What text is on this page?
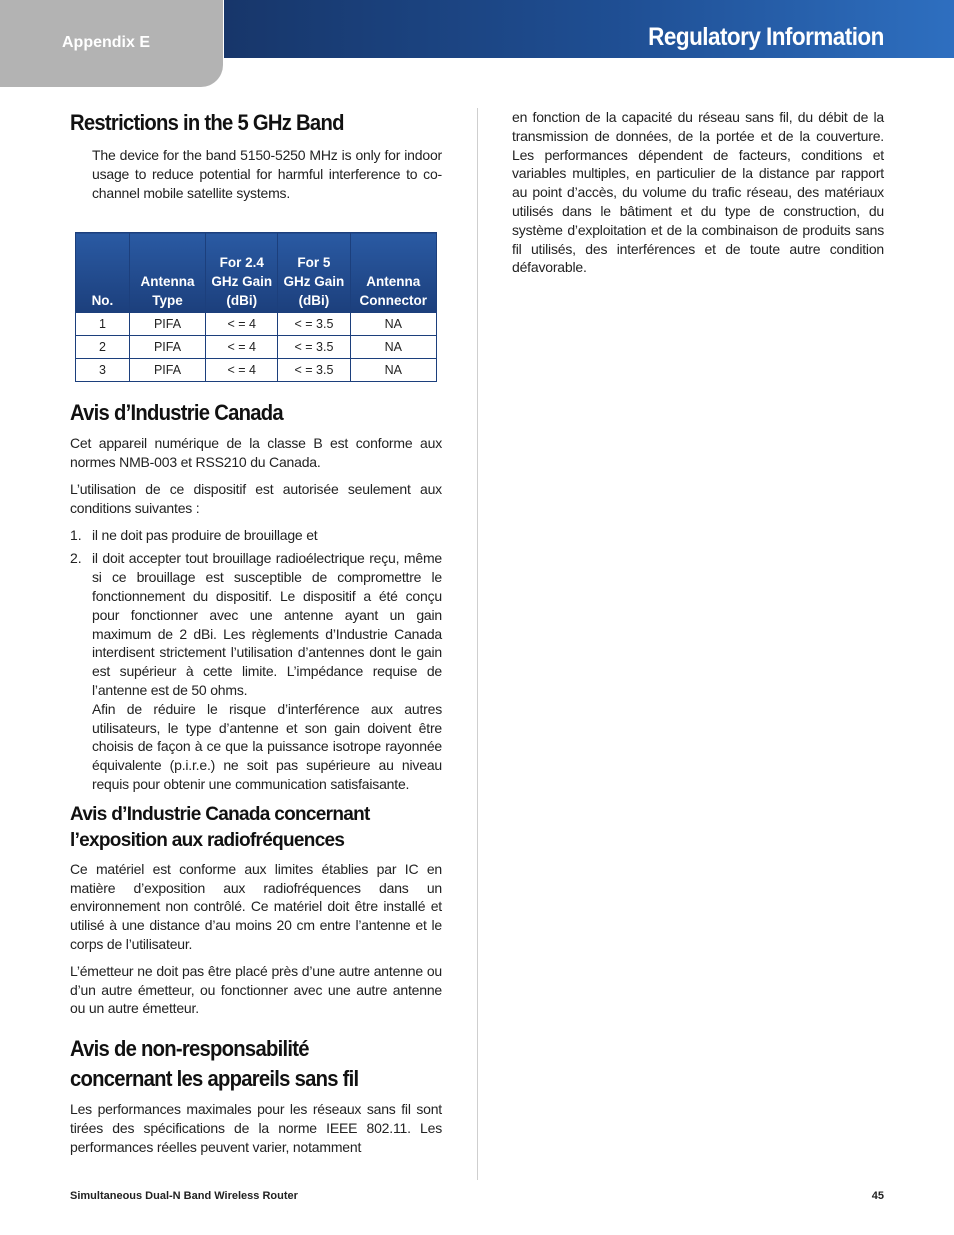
Appendix E	Regulatory Information
Restrictions in the 5 GHz Band

The device for the band 5150-5250 MHz is only for indoor usage to reduce potential for harmful interference to co-channel mobile satellite systems.

No.	Antenna Type	For 2.4 GHz Gain (dBi)	For 5 GHz Gain (dBi)	Antenna Connector
1	PIFA	< = 4	< = 3.5	NA
2	PIFA	< = 4	< = 3.5	NA
3	PIFA	< = 4	< = 3.5	NA
Avis d’Industrie Canada

Cet appareil numérique de la classe B est conforme aux normes NMB-003 et RSS210 du Canada.

L’utilisation de ce dispositif est autorisée seulement aux conditions suivantes :

1. il ne doit pas produire de brouillage et

2. il doit accepter tout brouillage radioélectrique reçu, même si ce brouillage est susceptible de compromettre le fonctionnement du dispositif. Le dispositif a été conçu pour fonctionner avec une antenne ayant un gain maximum de 2 dBi. Les règlements d’Industrie Canada interdisent strictement l’utilisation d’antennes dont le gain est supérieur à cette limite. L’impédance requise de l’antenne est de 50 ohms.

Afin de réduire le risque d’interférence aux autres utilisateurs, le type d’antenne et son gain doivent être choisis de façon à ce que la puissance isotrope rayonnée équivalente (p.i.r.e.) ne soit pas supérieure au niveau requis pour obtenir une communication satisfaisante.

Avis d’Industrie Canada concernant l’exposition aux radiofréquences

Ce matériel est conforme aux limites établies par IC en matière d’exposition aux radiofréquences dans un environnement non contrôlé. Ce matériel doit être installé et utilisé à une distance d’au moins 20 cm entre l’antenne et le corps de l’utilisateur.

L’émetteur ne doit pas être placé près d’une autre antenne ou d’un autre émetteur, ou fonctionner avec une autre antenne ou un autre émetteur.

Avis de non-responsabilité concernant les appareils sans fil

Les performances maximales pour les réseaux sans fil sont tirées des spécifications de la norme IEEE 802.11. Les performances réelles peuvent varier, notamment

en fonction de la capacité du réseau sans fil, du débit de la transmission de données, de la portée et de la couverture. Les performances dépendent de facteurs, conditions et variables multiples, en particulier de la distance par rapport au point d’accès, du volume du trafic réseau, des matériaux utilisés dans le bâtiment et du type de construction, du système d’exploitation et de la combinaison de produits sans fil utilisés, des interférences et de toute autre condition défavorable.

Simultaneous Dual-N Band Wireless Router	45
